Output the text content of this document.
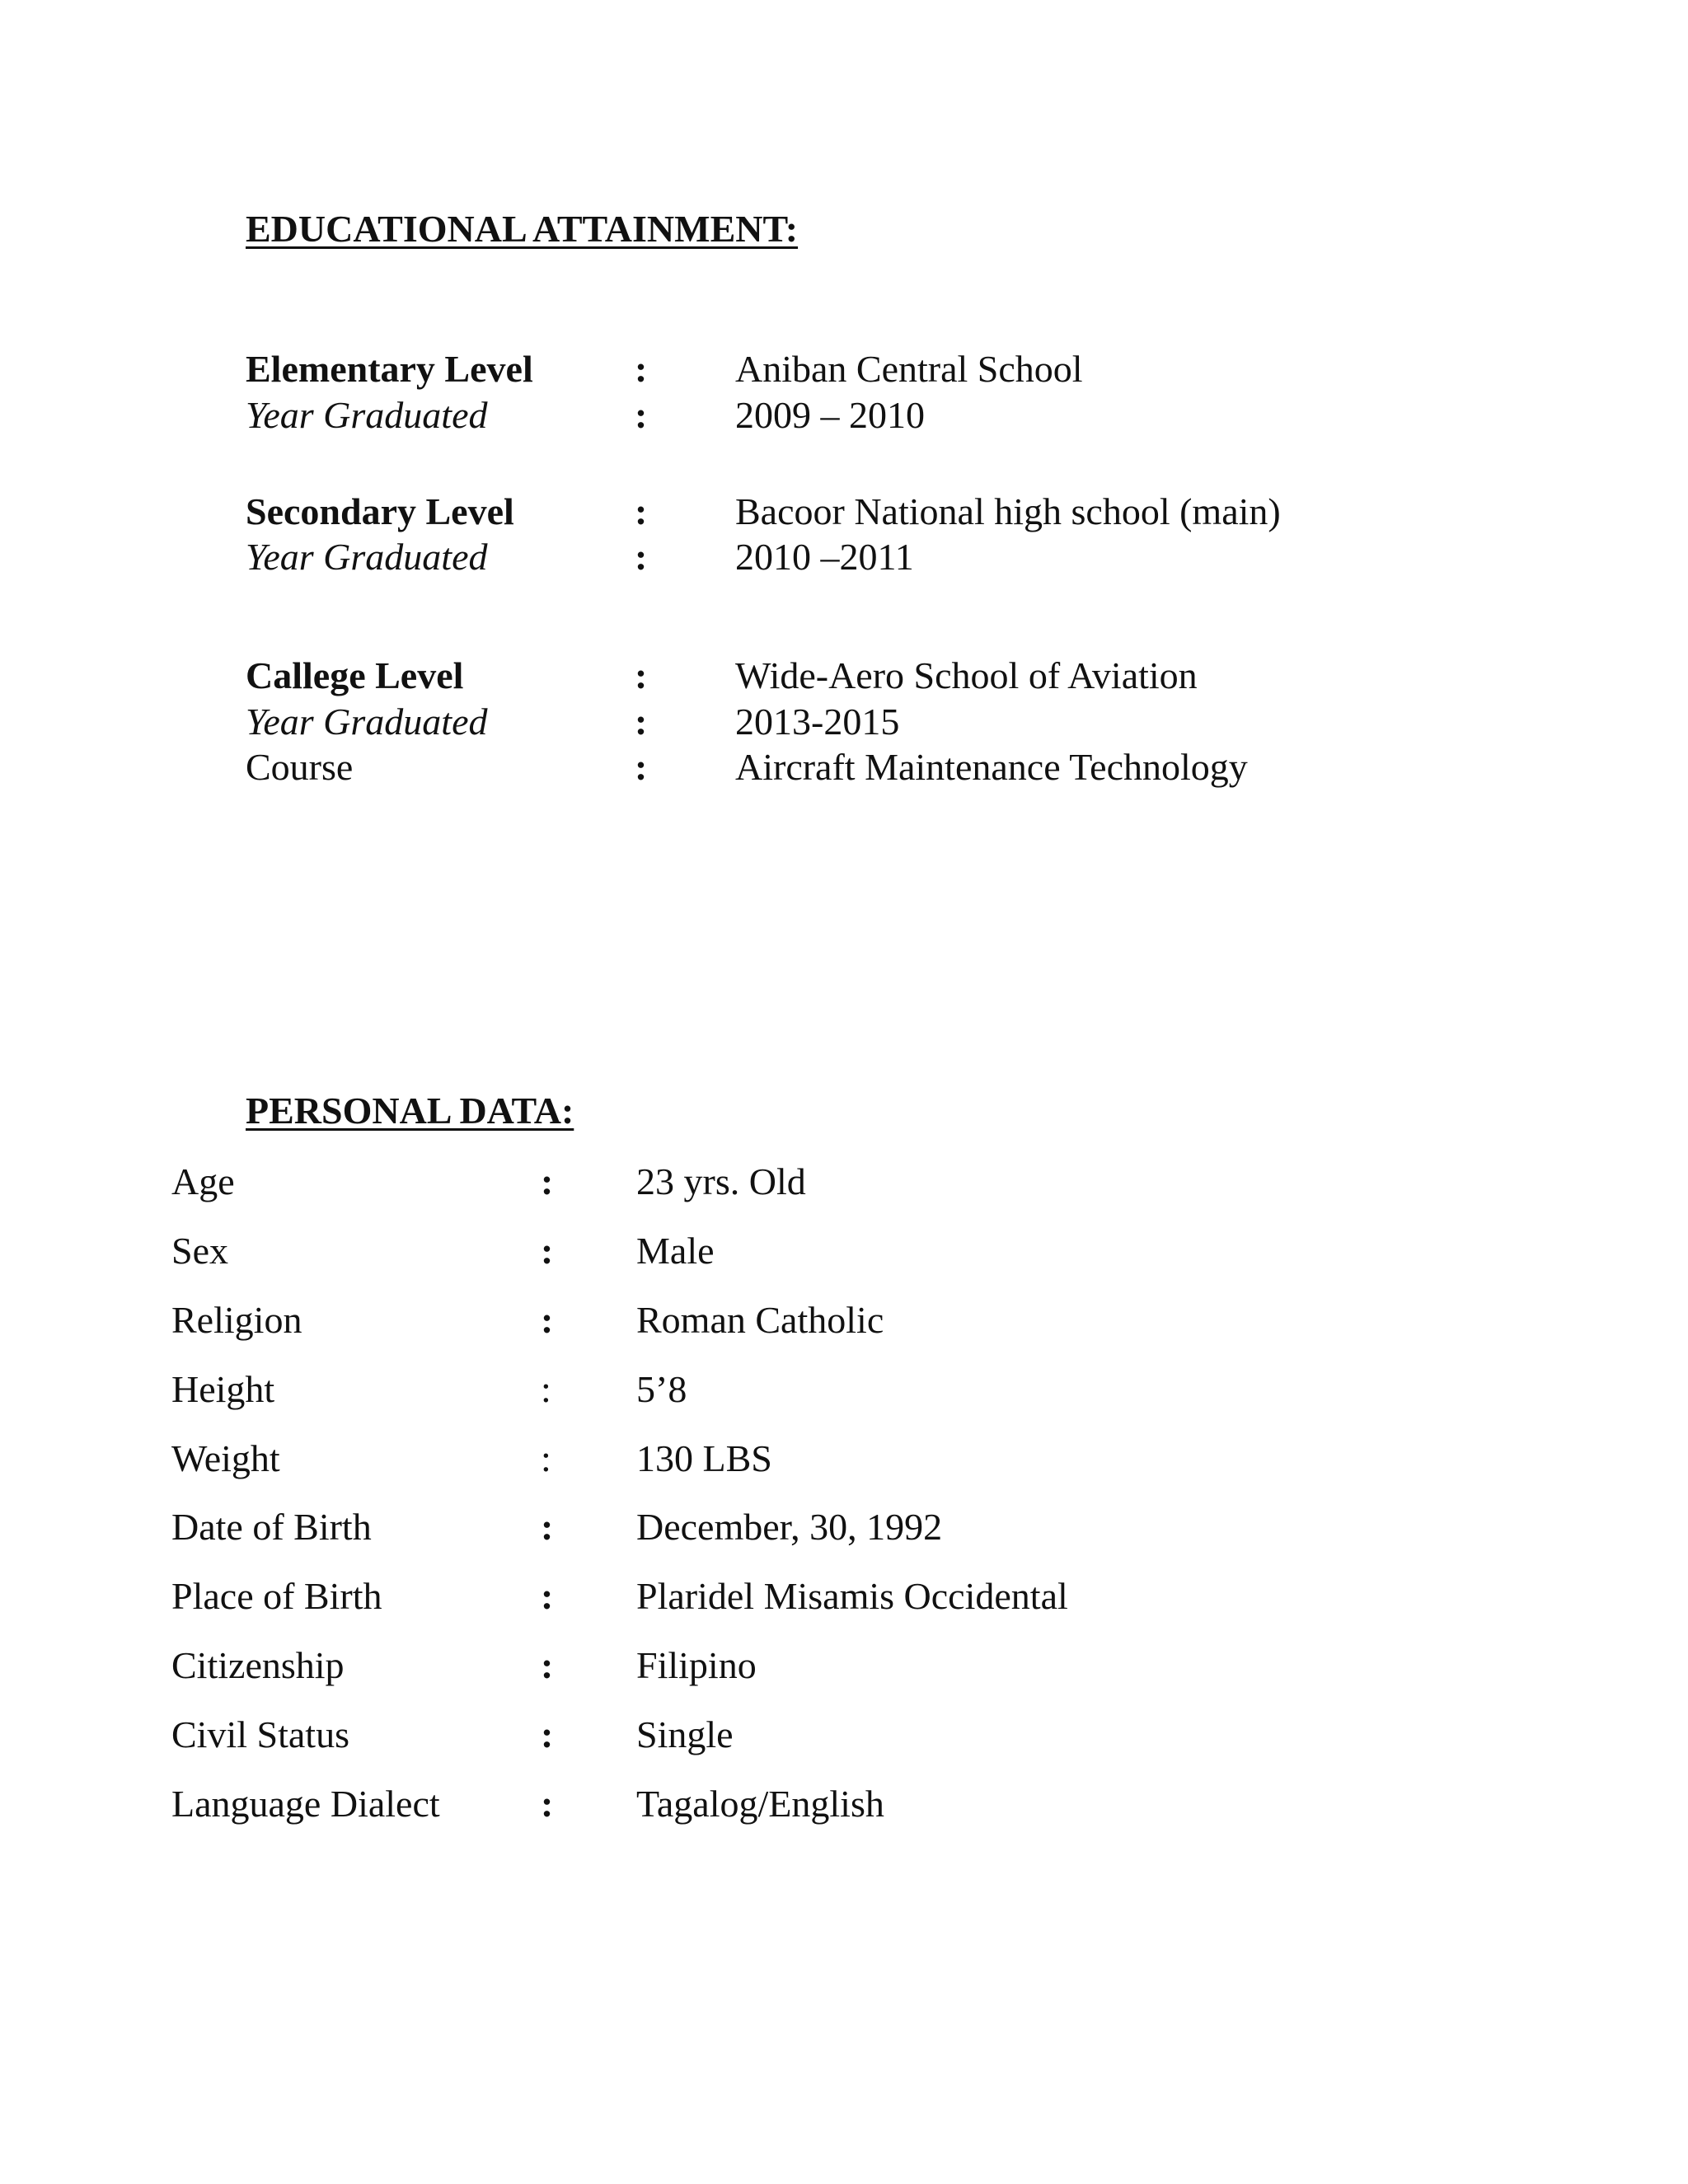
EDUCATIONAL ATTAINMENT:
Elementary Level	: Aniban Central School
Year Graduated	: 2009 – 2010
Secondary Level	: Bacoor National high school (main)
Year Graduated	: 2010 –2011
Callege Level	: Wide-Aero School of Aviation
Year Graduated	: 2013-2015
Course	: Aircraft Maintenance Technology
PERSONAL DATA:
Age	: 23 yrs. Old
Sex	: Male
Religion	: Roman Catholic
Height	: 5’8
Weight	: 130 LBS
Date of Birth	: December, 30, 1992
Place of Birth	: Plaridel Misamis Occidental
Citizenship	: Filipino
Civil Status	: Single
Language Dialect	: Tagalog/English
